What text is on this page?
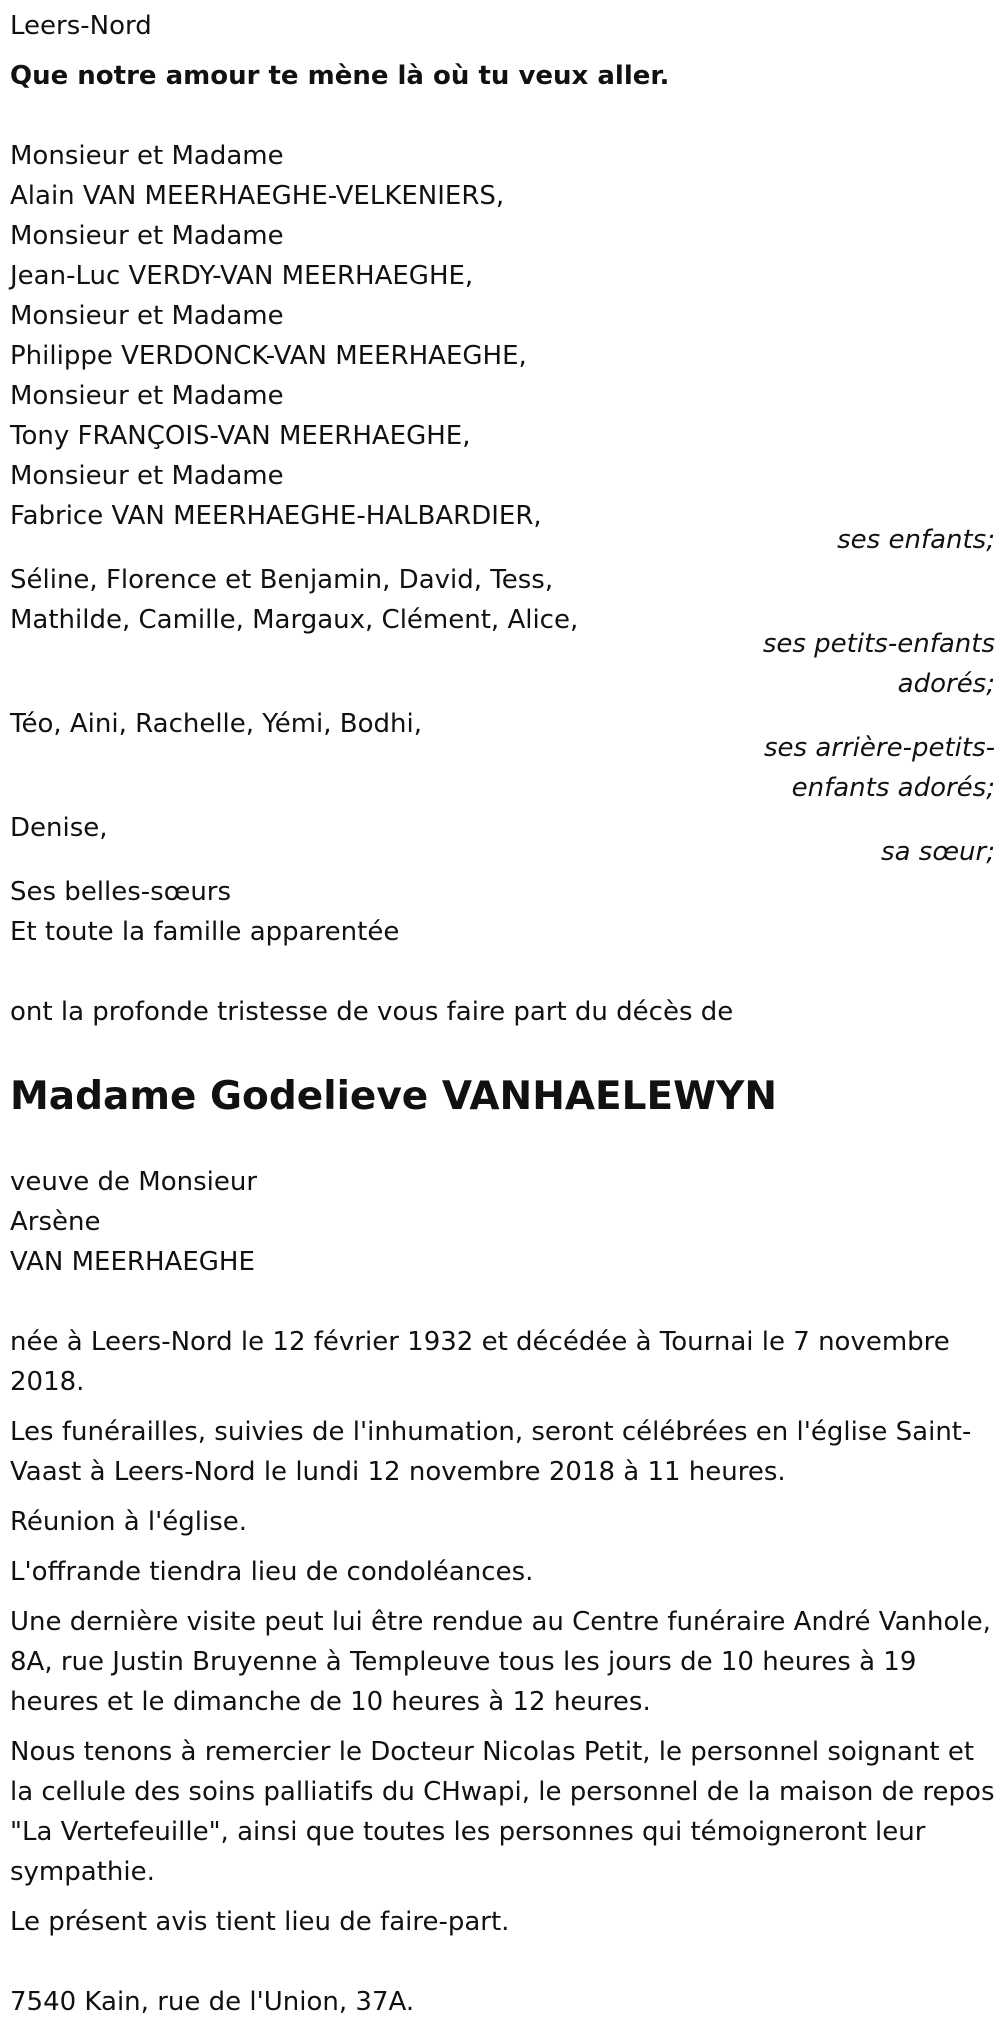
Leers-Nord

Que notre amour te mène là où tu veux aller.

Monsieur et Madame

Alain VAN MEERHAEGHE-VELKENIERS,

Monsieur et Madame

Jean-Luc VERDY-VAN MEERHAEGHE,

Monsieur et Madame

Philippe VERDONCK-VAN MEERHAEGHE,

Monsieur et Madame

Tony FRANÇOIS-VAN MEERHAEGHE,

Monsieur et Madame

Fabrice VAN MEERHAEGHE-HALBARDIER,

ses enfants;

Séline, Florence et Benjamin, David, Tess,

Mathilde, Camille, Margaux, Clément, Alice,

ses petits-enfants

adorés;

Téo, Aini, Rachelle, Yémi, Bodhi,

ses arrière-petits-

enfants adorés;

Denise,

sa sœur;

Ses belles-sœurs

Et toute la famille apparentée

ont la profonde tristesse de vous faire part du décès de

Madame Godelieve VANHAELEWYN

veuve de Monsieur

Arsène

VAN MEERHAEGHE

née à Leers-Nord le 12 février 1932 et décédée à Tournai le 7 novembre 2018.

Les funérailles, suivies de l'inhumation, seront célébrées en l'église Saint-Vaast à Leers-Nord le lundi 12 novembre 2018 à 11 heures.

Réunion à l'église.

L'offrande tiendra lieu de condoléances.

Une dernière visite peut lui être rendue au Centre funéraire André Vanhole, 8A, rue Justin Bruyenne à Templeuve tous les jours de 10 heures à 19 heures et le dimanche de 10 heures à 12 heures.

Nous tenons à remercier le Docteur Nicolas Petit, le personnel soignant et la cellule des soins palliatifs du CHwapi, le personnel de la maison de repos "La Vertefeuille", ainsi que toutes les personnes qui témoigneront leur sympathie.

Le présent avis tient lieu de faire-part.

7540 Kain, rue de l'Union, 37A.
